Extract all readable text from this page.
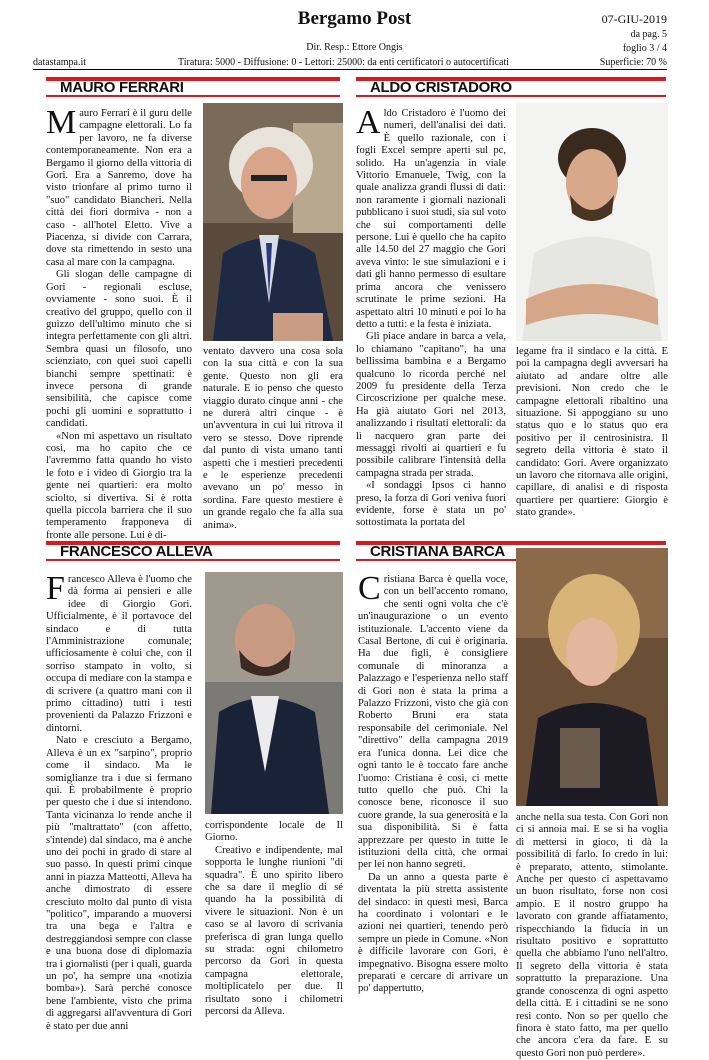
Bergamo Post	07-GIU-2019
da pag. 5
foglio 3 / 4
Dir. Resp.: Ettore Ongis
datastampa.it	Tiratura: 5000 - Diffusione: 0 - Lettori: 25000: da enti certificatori o autocertificati	Superficie: 70 %
MAURO FERRARI

Mauro Ferrari è il guru delle campagne elettorali. Lo fa per lavoro, ne fa diverse contemporaneamente. Non era a Bergamo il giorno della vittoria di Gori. Era a Sanremo, dove ha visto trionfare al primo turno il "suo" candidato Biancheri. Nella città dei fiori dormiva - non a caso - all'hotel Eletto. Vive a Piacenza, si divide con Carrara, dove sta rimettendo in sesto una casa al mare con la campagna.

Gli slogan delle campagne di Gori - regionali escluse, ovviamente - sono suoi. È il creativo del gruppo, quello con il guizzo dell'ultimo minuto che si integra perfettamente con gli altri. Sembra quasi un filosofo, uno scienziato, con quei suoi capelli bianchi sempre spettinati: è invece persona di grande sensibilità, che capisce come pochi gli uomini e soprattutto i candidati.

«Non mi aspettavo un risultato così, ma ho capito che ce l'avremmo fatta quando ho visto le foto e i video di Giorgio tra la gente nei quartieri: era molto sciolto, si divertiva. Si è rotta quella piccola barriera che il suo temperamento frapponeva di fronte alle persone. Lui è di-

ventato davvero una cosa sola con la sua città e con la sua gente. Questo non gli era naturale. E io penso che questo viaggio durato cinque anni - che ne durerà altri cinque - è un'avventura in cui lui ritrova il vero se stesso. Dove riprende dal punto di vista umano tanti aspetti che i mestieri precedenti e le esperienze precedenti avevano un po' messo in sordina. Fare questo mestiere è un grande regalo che fa alla sua anima».

ALDO CRISTADORO

Aldo Cristadoro è l'uomo dei numeri, dell'analisi dei dati. È quello razionale, con i fogli Excel sempre aperti sul pc, solido. Ha un'agenzia in viale Vittorio Emanuele, Twig, con la quale analizza grandi flussi di dati: non raramente i giornali nazionali pubblicano i suoi studi, sia sul voto che sui comportamenti delle persone. Lui è quello che ha capito alle 14.50 del 27 maggio che Gori aveva vinto: le sue simulazioni e i dati gli hanno permesso di esultare prima ancora che venissero scrutinate le prime sezioni. Ha aspettato altri 10 minuti e poi lo ha detto a tutti: e la festa è iniziata.

Gli piace andare in barca a vela, lo chiamano "capitano", ha una bellissima bambina e a Bergamo qualcuno lo ricorda perché nel 2009 fu presidente della Terza Circoscrizione per qualche mese. Ha già aiutato Gori nel 2013, analizzando i risultati elettorali: da lì nacquero gran parte dei messaggi rivolti ai quartieri e fu possibile calibrare l'intensità della campagna strada per strada.

«I sondaggi Ipsos ci hanno preso, la forza di Gori veniva fuori evidente, forse è stata un po' sottostimata la portata del

legame fra il sindaco e la città. E poi la campagna degli avversari ha aiutato ad andare oltre alle previsioni. Non credo che le campagne elettorali ribaltino una situazione. Si appoggiano su uno status quo e lo status quo era positivo per il centrosinistra. Il segreto della vittoria è stato il candidato: Gori. Avere organizzato un lavoro che ritornava alle origini, capillare, di analisi e di risposta quartiere per quartiere: Giorgio è stato grande».

FRANCESCO ALLEVA

Francesco Alleva è l'uomo che dà forma ai pensieri e alle idee di Giorgio Gori. Ufficialmente, è il portavoce del sindaco e di tutta l'Amministrazione comunale; ufficiosamente è colui che, con il sorriso stampato in volto, si occupa di mediare con la stampa e di scrivere (a quattro mani con il primo cittadino) tutti i testi provenienti da Palazzo Frizzoni e dintorni.

Nato e cresciuto a Bergamo, Alleva è un ex "sarpino", proprio come il sindaco. Ma le somiglianze tra i due si fermano qui. È probabilmente è proprio per questo che i due si intendono. Tanta vicinanza lo rende anche il più "maltrattato" (con affetto, s'intende) dal sindaco, ma è anche uno dei pochi in grado di stare al suo passo. In questi primi cinque anni in piazza Matteotti, Alleva ha anche dimostrato di essere cresciuto molto dal punto di vista "politico", imparando a muoversi tra una bega e l'altra e destreggiandosi sempre con classe e una buona dose di diplomazia tra i giornalisti (per i quali, guarda un po', ha sempre una «notizia bomba»). Sarà perché conosce bene l'ambiente, visto che prima di aggregarsi all'avventura di Gori è stato per due anni

corrispondente locale de Il Giorno.

Creativo e indipendente, mal sopporta le lunghe riunioni "di squadra". È uno spirito libero che sa dare il meglio di sé quando ha la possibilità di vivere le situazioni. Non è un caso se al lavoro di scrivania preferisca di gran lunga quello su strada: ogni chilometro percorso da Gori in questa campagna elettorale, moltiplicatelo per due. Il risultato sono i chilometri percorsi da Alleva.

CRISTIANA BARCA

Cristiana Barca è quella voce, con un bell'accento romano, che senti ogni volta che c'è un'inaugurazione o un evento istituzionale. L'accento viene da Casal Bertone, di cui è originaria. Ha due figli, è consigliere comunale di minoranza a Palazzago e l'esperienza nello staff di Gori non è stata la prima a Palazzo Frizzoni, visto che già con Roberto Bruni era stata responsabile del cerimoniale. Nel "direttivo" della campagna 2019 era l'unica donna. Lei dice che ognì tanto le è toccato fare anche l'uomo: Cristiana è così, ci mette tutto quello che può. Chi la conosce bene, riconosce il suo cuore grande, la sua generosità e la sua disponibilità. Si è fatta apprezzare per questo in tutte le istituzioni della città, che ormai per lei non hanno segreti.

Da un anno a questa parte è diventata la più stretta assistente del sindaco: in questi mesi, Barca ha coordinato i volontari e le azioni nei quartieri, tenendo però sempre un piede in Comune. «Non è difficile lavorare con Gori, è impegnativo. Bisogna essere molto preparati e cercare di arrivare un po' dappertutto,

anche nella sua testa. Con Gori non ci si annoia mai. E se si ha voglia di mettersi in gioco, ti dà la possibilità di farlo. Io credo in lui: è preparato, attento, stimolante. Anche per questo ci aspettavamo un buon risultato, forse non così ampio. E il nostro gruppo ha lavorato con grande affiatamento, rispecchiando la fiducia in un risultato positivo e soprattutto quella che abbiamo l'uno nell'altro. Il segreto della vittoria è stata soprattutto la preparazione. Una grande conoscenza di ogni aspetto della città. E i cittadini se ne sono resi conto. Non so per quello che finora è stato fatto, ma per quello che ancora c'era da fare. E su questo Gori non può perdere».
